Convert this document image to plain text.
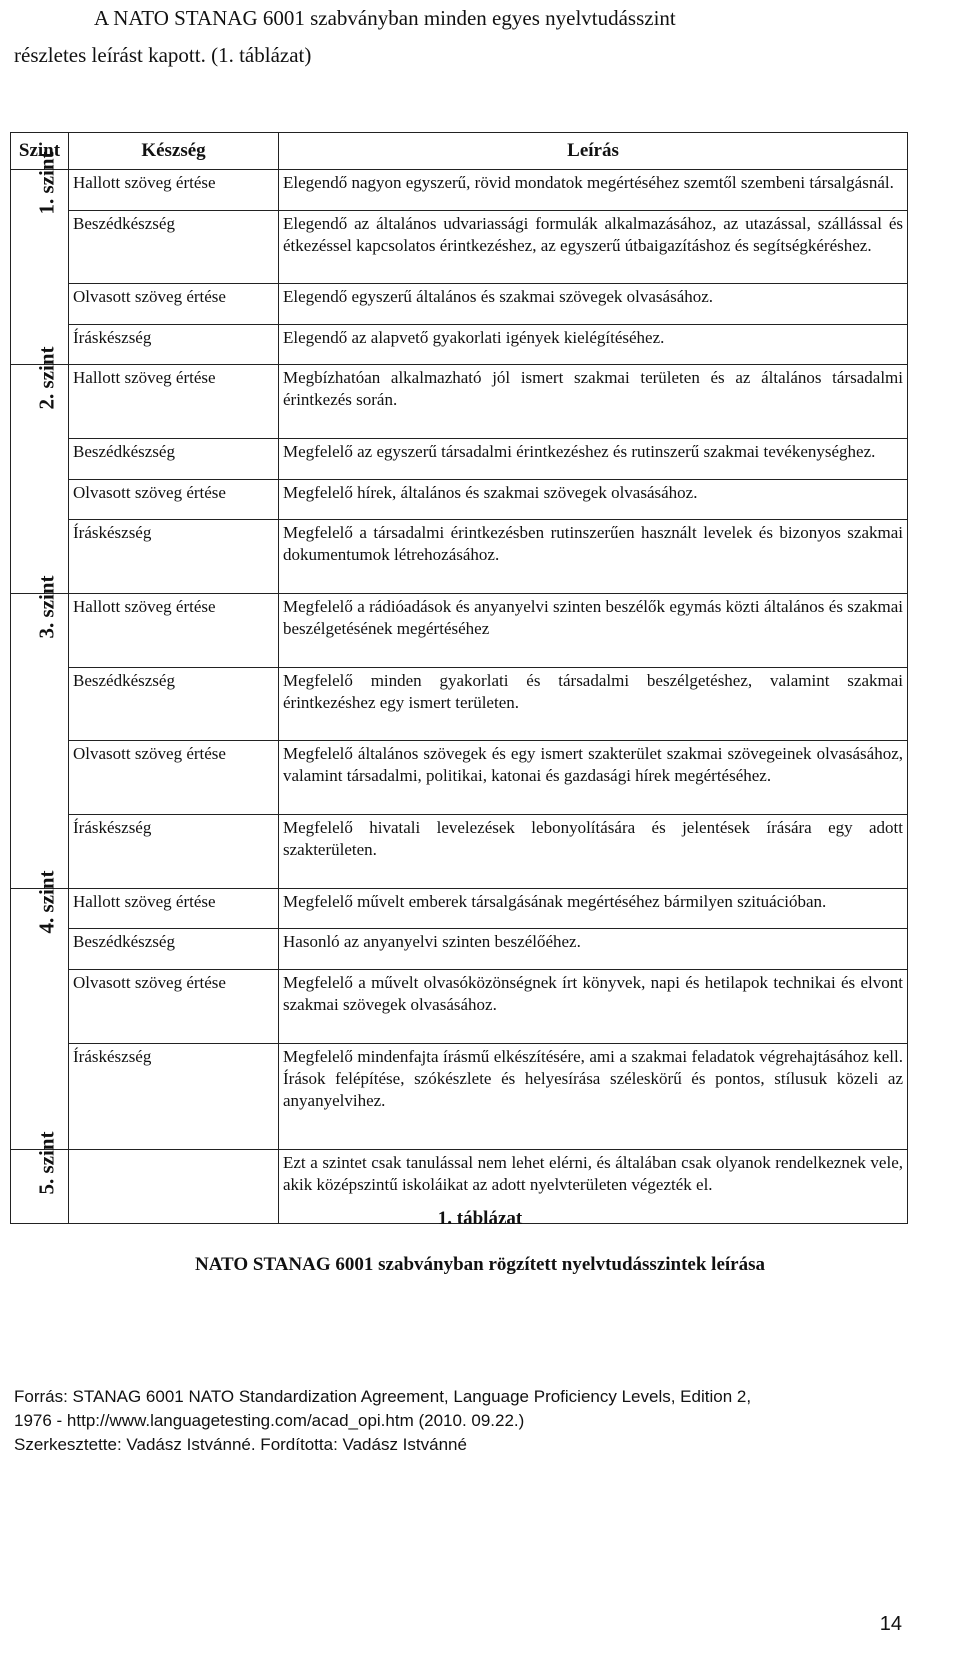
A NATO STANAG 6001 szabványban minden egyes nyelvtudásszint
részletes leírást kapott. (1. táblázat)
Szint	Készség	Leírás
1. szint	Hallott szöveg értése	Elegendő nagyon egyszerű, rövid mondatok megértéséhez szemtől szembeni társalgásnál.
	Beszédkészség	Elegendő az általános udvariassági formulák alkalmazásához, az utazással, szállással és étkezéssel kapcsolatos érintkezéshez, az egyszerű útbaigazításhoz és segítségkéréshez.
	Olvasott szöveg értése	Elegendő egyszerű általános és szakmai szövegek olvasásához.
	Íráskészség	Elegendő az alapvető gyakorlati igények kielégítéséhez.
2. szint	Hallott szöveg értése	Megbízhatóan alkalmazható jól ismert szakmai területen és az általános társadalmi érintkezés során.
	Beszédkészség	Megfelelő az egyszerű társadalmi érintkezéshez és rutinszerű szakmai tevékenységhez.
	Olvasott szöveg értése	Megfelelő hírek, általános és szakmai szövegek olvasásához.
	Íráskészség	Megfelelő a társadalmi érintkezésben rutinszerűen használt levelek és bizonyos szakmai dokumentumok létrehozásához.
3. szint	Hallott szöveg értése	Megfelelő a rádióadások és anyanyelvi szinten beszélők egymás közti általános és szakmai beszélgetésének megértéséhez
	Beszédkészség	Megfelelő minden gyakorlati és társadalmi beszélgetéshez, valamint szakmai érintkezéshez egy ismert területen.
	Olvasott szöveg értése	Megfelelő általános szövegek és egy ismert szakterület szakmai szövegeinek olvasásához, valamint társadalmi, politikai, katonai és gazdasági hírek megértéséhez.
	Íráskészség	Megfelelő hivatali levelezések lebonyolítására és jelentések írására egy adott szakterületen.
4. szint	Hallott szöveg értése	Megfelelő művelt emberek társalgásának megértéséhez bármilyen szituációban.
	Beszédkészség	Hasonló az anyanyelvi szinten beszélőéhez.
	Olvasott szöveg értése	Megfelelő a művelt olvasóközönségnek írt könyvek, napi és hetilapok technikai és elvont szakmai szövegek olvasásához.
	Íráskészség	Megfelelő mindenfajta írásmű elkészítésére, ami a szakmai feladatok végrehajtásához kell. Írások felépítése, szókészlete és helyesírása széleskörű és pontos, stílusuk közeli az anyanyelvihez.
5. szint		Ezt a szintet csak tanulással nem lehet elérni, és általában csak olyanok rendelkeznek vele, akik középszintű iskoláikat az adott nyelvterületen végezték el.
1. táblázat
NATO STANAG 6001 szabványban rögzített nyelvtudásszintek leírása
Forrás: STANAG 6001 NATO Standardization Agreement, Language Proficiency Levels, Edition 2,
1976 - http://www.languagetesting.com/acad_opi.htm (2010. 09.22.)
Szerkesztette: Vadász Istvánné. Fordította: Vadász Istvánné
14
